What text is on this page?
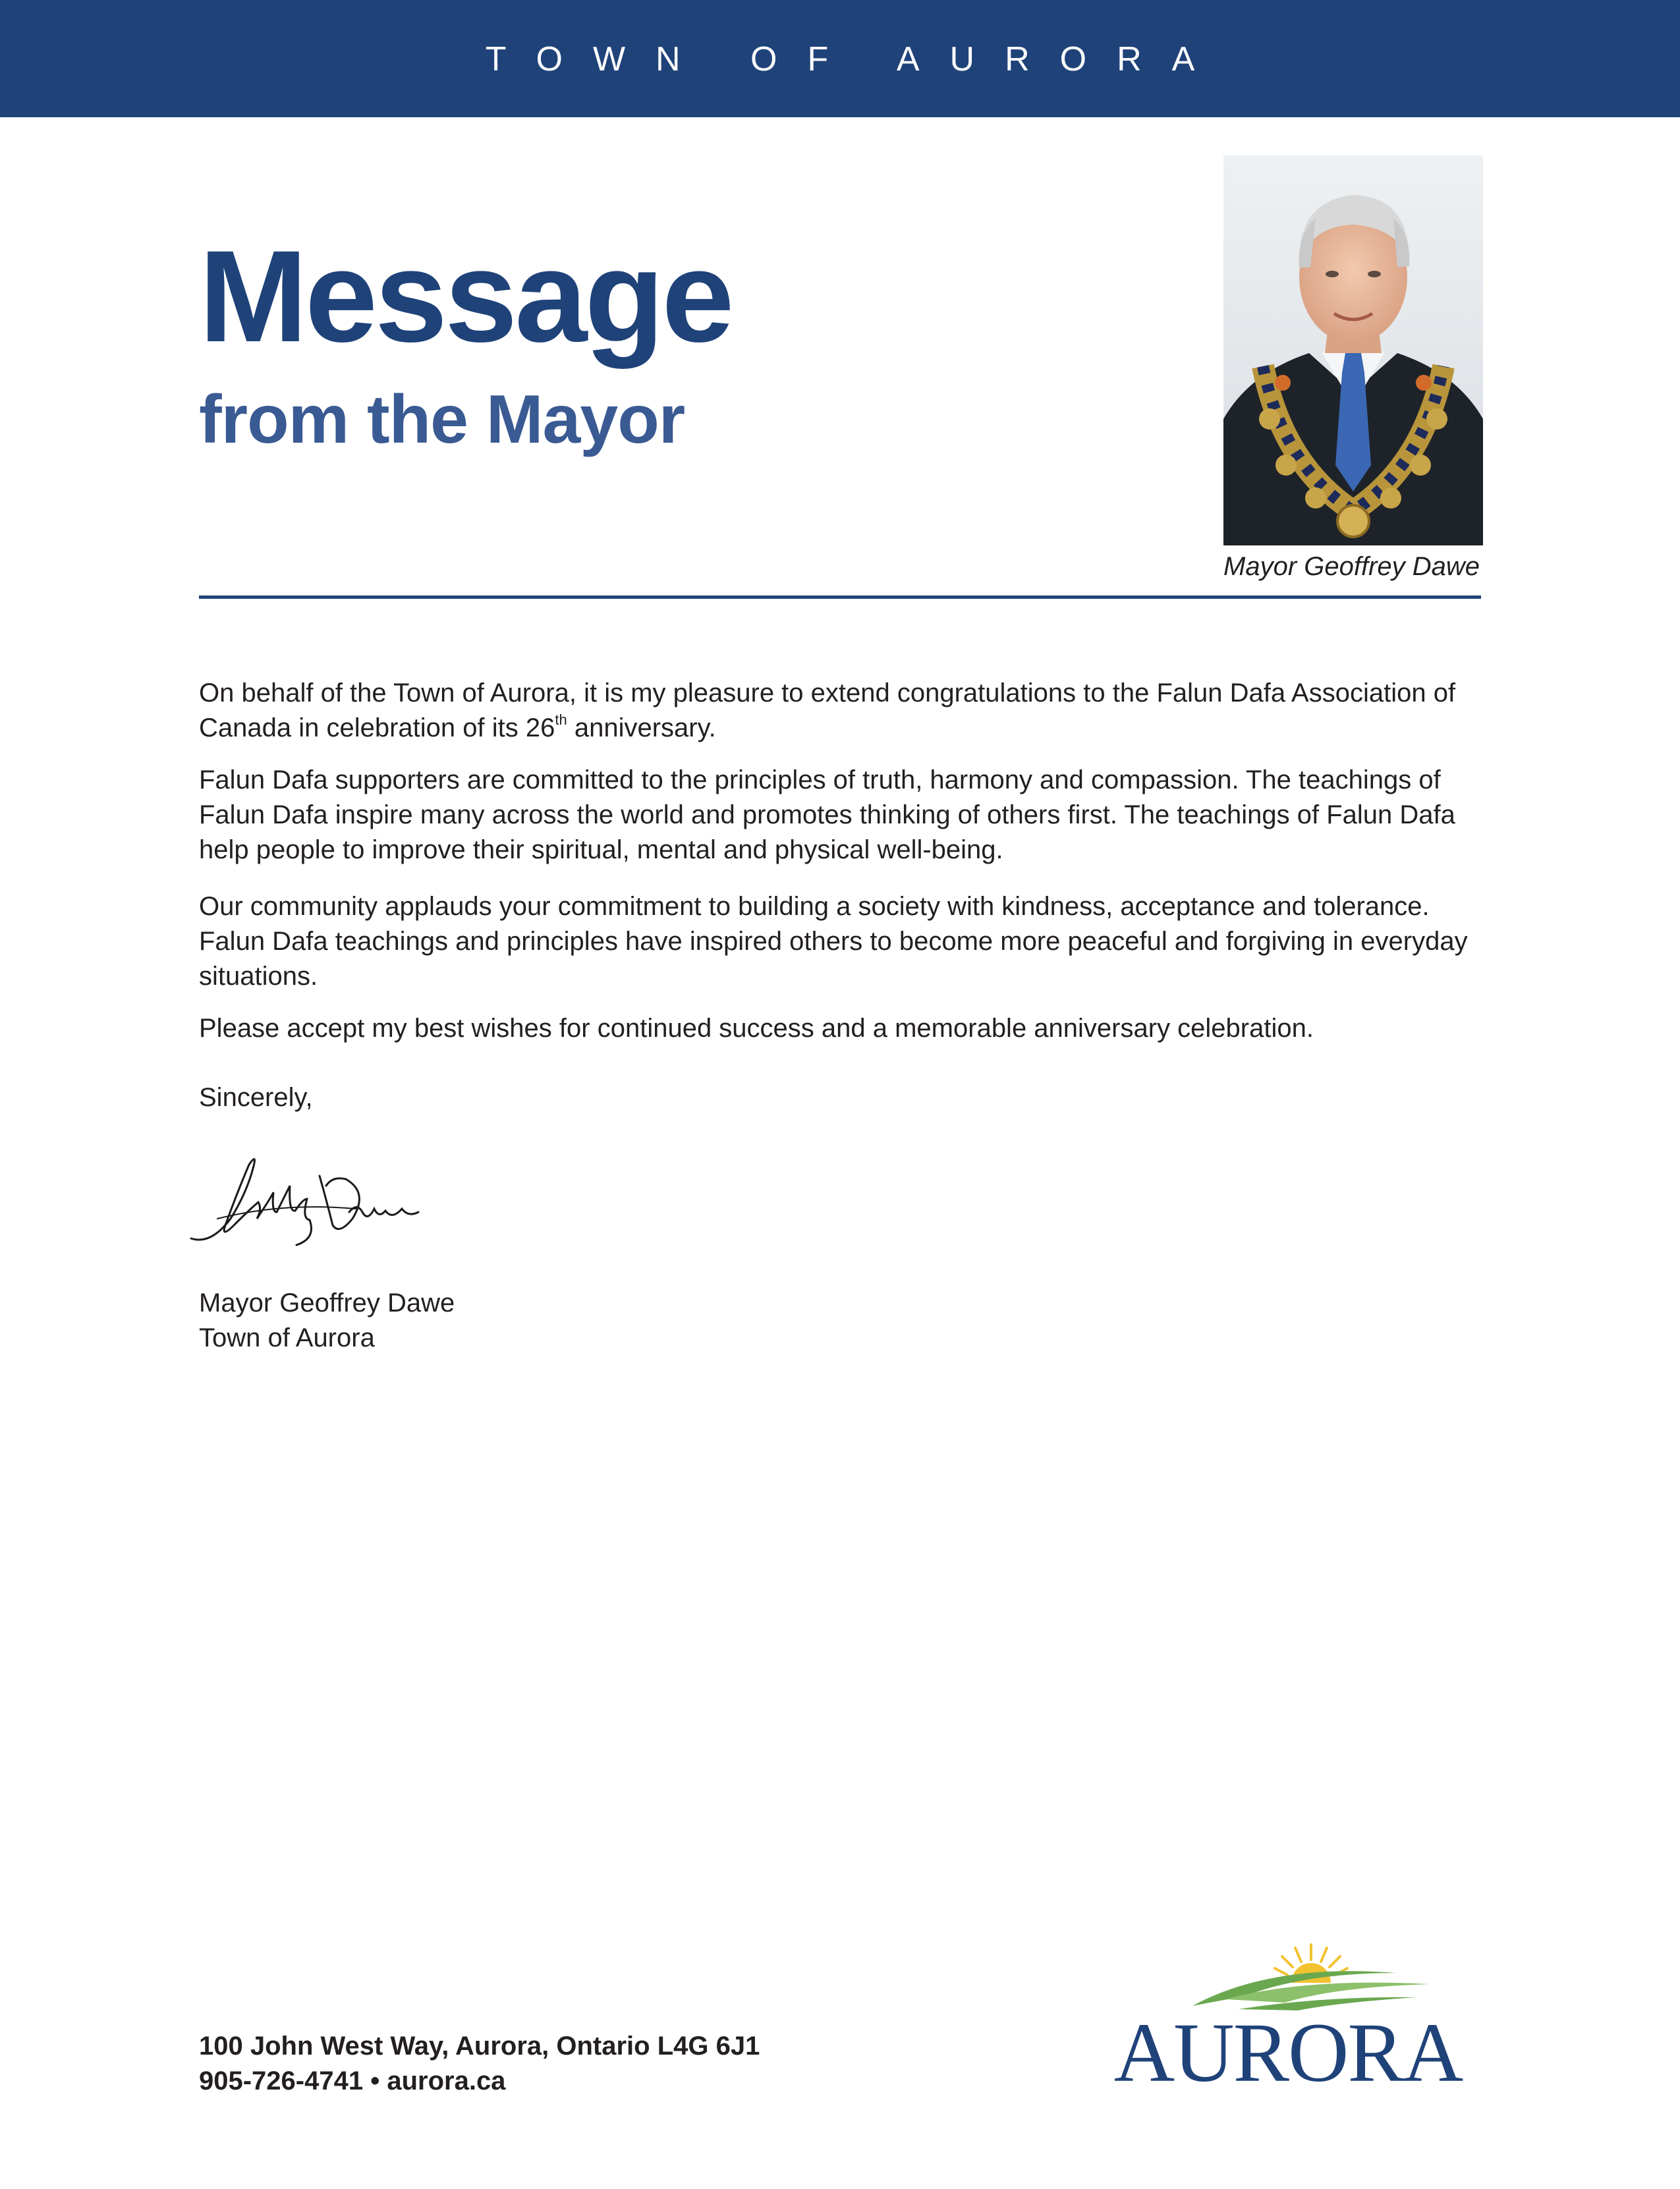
TOWN OF AURORA
Message
from the Mayor
Mayor Geoffrey Dawe

On behalf of the Town of Aurora, it is my pleasure to extend congratulations to the Falun Dafa Association of Canada in celebration of its 26th anniversary.

Falun Dafa supporters are committed to the principles of truth, harmony and compassion. The teachings of Falun Dafa inspire many across the world and promotes thinking of others first. The teachings of Falun Dafa help people to improve their spiritual, mental and physical well-being.

Our community applauds your commitment to building a society with kindness, acceptance and tolerance. Falun Dafa teachings and principles have inspired others to become more peaceful and forgiving in everyday situations.

Please accept my best wishes for continued success and a memorable anniversary celebration.

Sincerely,
Mayor Geoffrey Dawe
Town of Aurora
100 John West Way, Aurora, Ontario L4G 6J1
905-726-4741 • aurora.ca	AURORA
